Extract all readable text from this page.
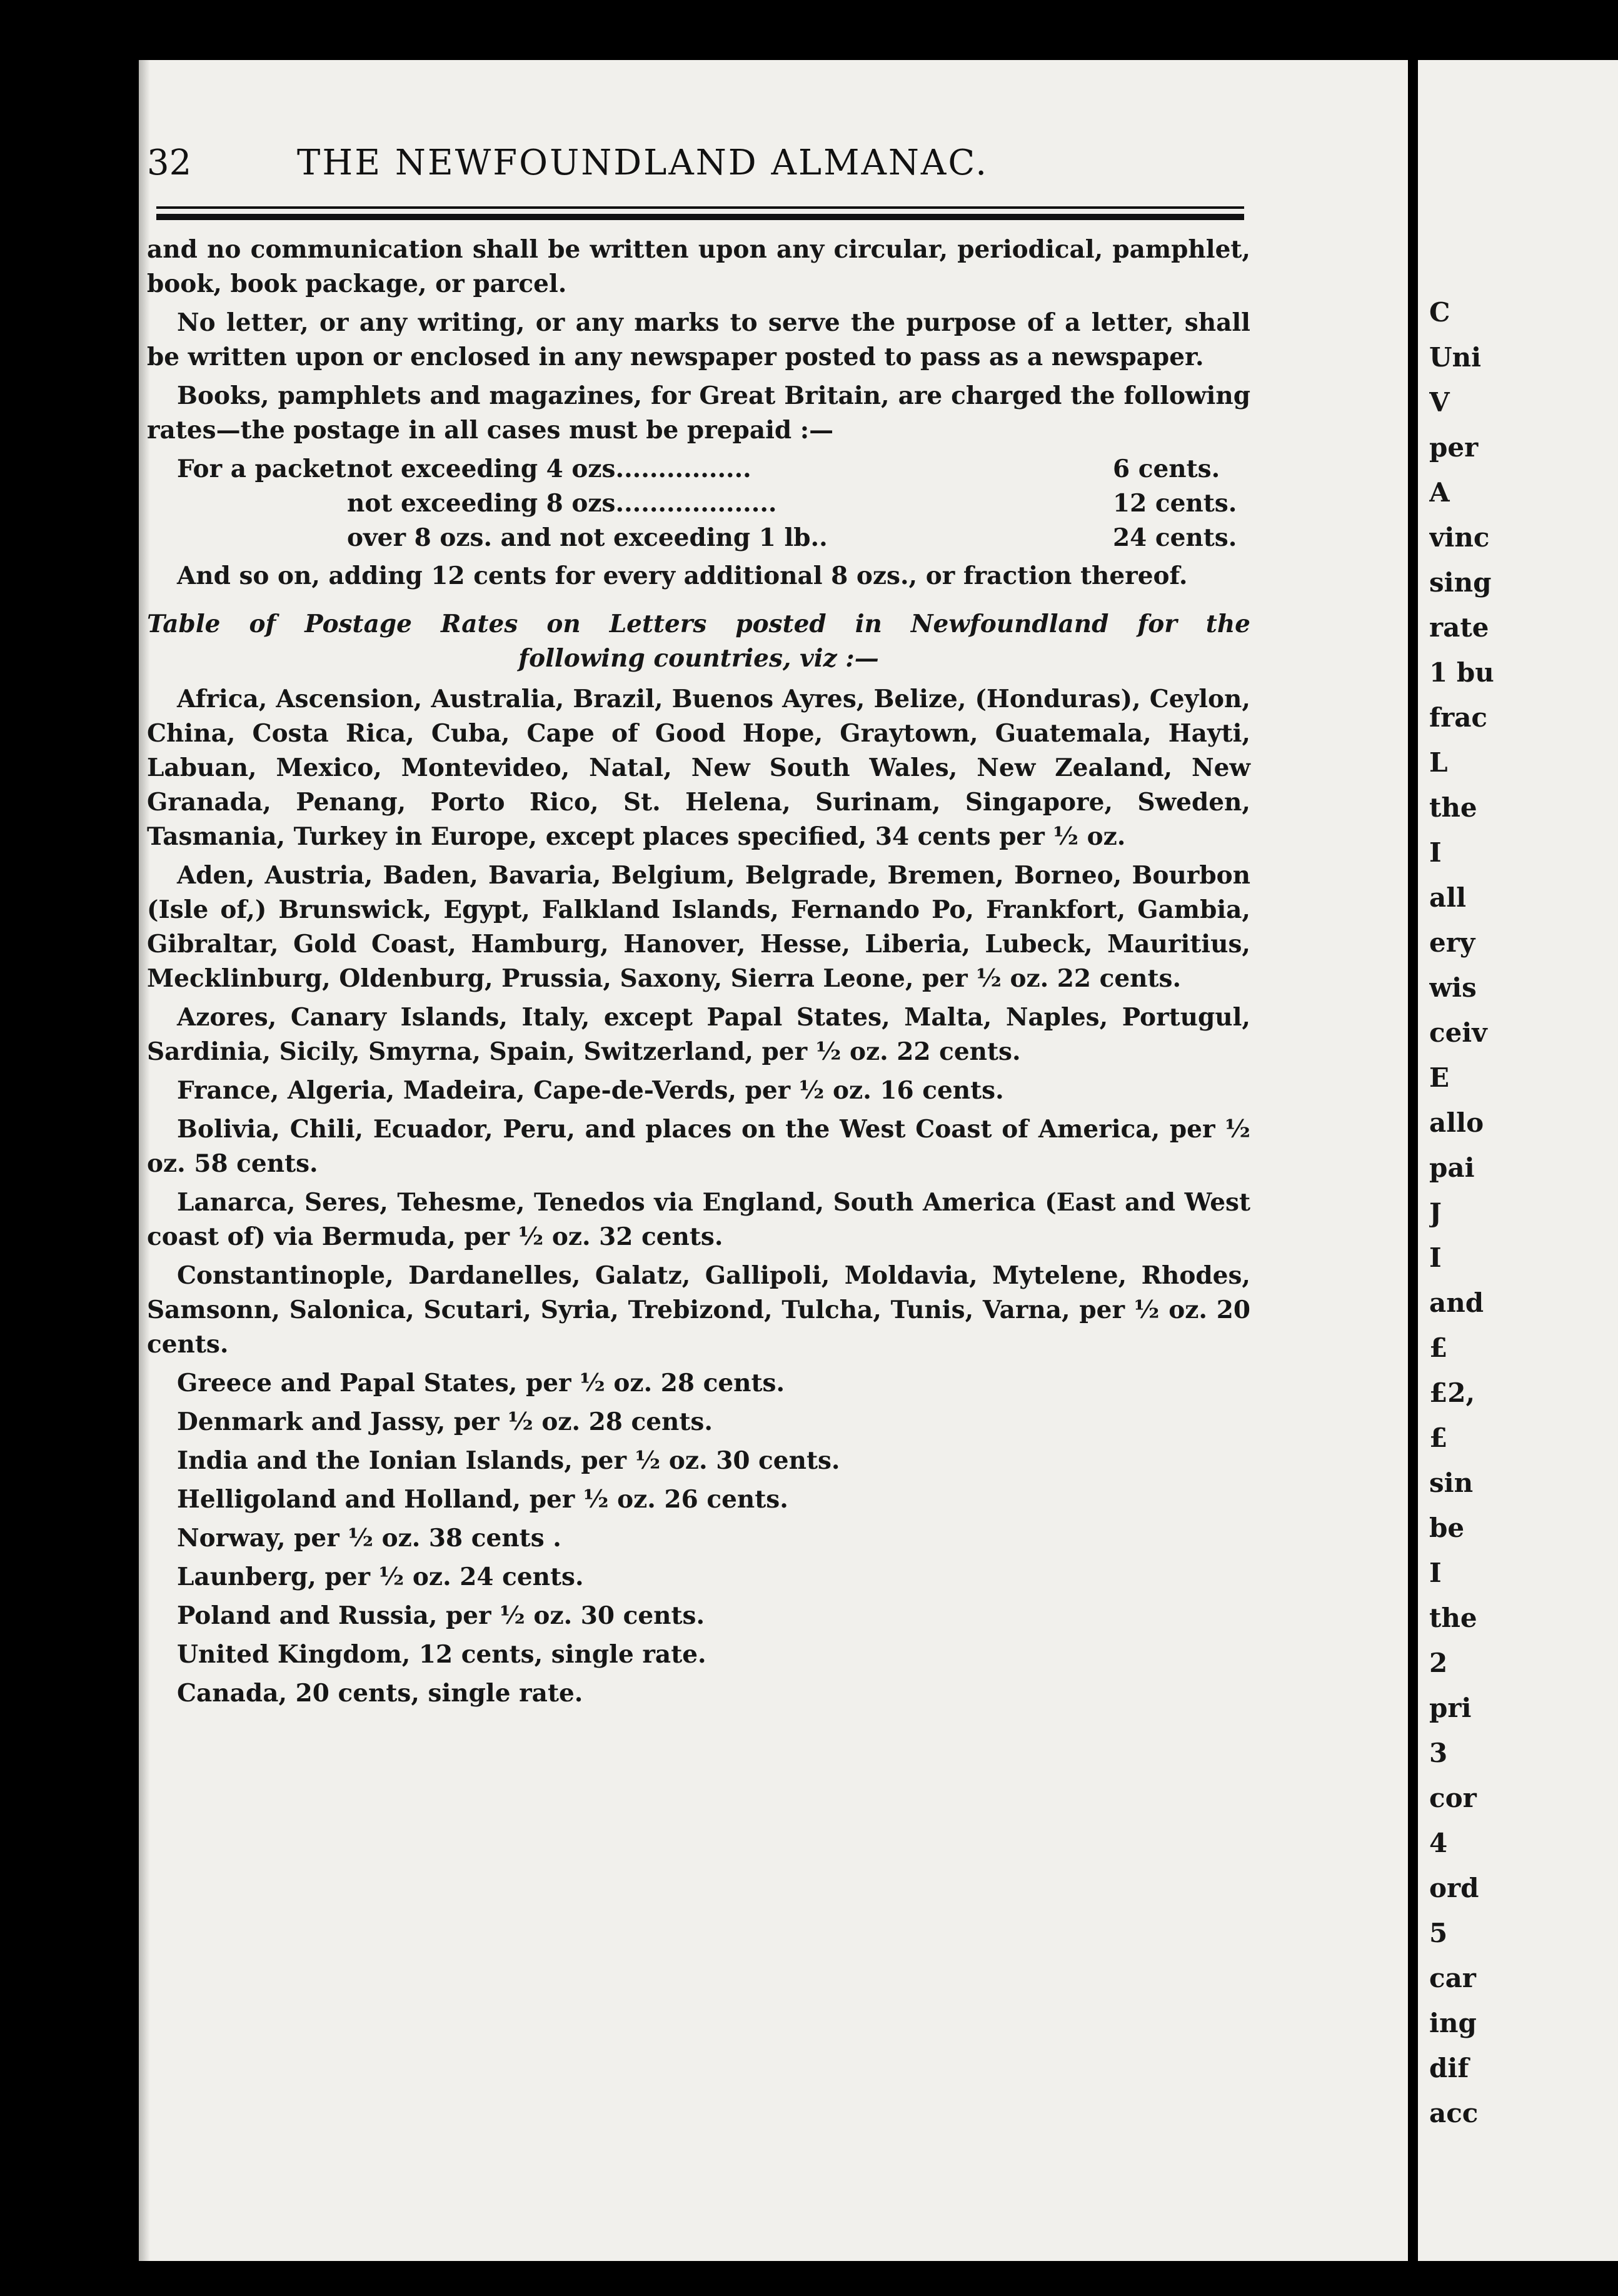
C
Uni
V
per
A
vinc
sing
rate
1 bu
frac
L
the
I
all
ery
wis
ceiv
E
allo
pai
J
I
and
£
£2,
£
sin
be
I
the
2
pri
3
cor
4
ord
5
car
ing
dif
acc
32	THE NEWFOUNDLAND ALMANAC.

and no communication shall be written upon any circular, periodical, pamphlet, book, book package, or parcel.

No letter, or any writing, or any marks to serve the purpose of a letter, shall be written upon or enclosed in any newspaper posted to pass as a newspaper.

Books, pamphlets and magazines, for Great Britain, are charged the following rates—the postage in all cases must be prepaid :—

For a packet not exceeding 4 ozs................	6 cents.
not exceeding 8 ozs...................	12 cents.
over 8 ozs. and not exceeding 1 lb..	24 cents.

And so on, adding 12 cents for every additional 8 ozs., or fraction thereof.

Table of Postage Rates on Letters posted in Newfoundland for the
following countries, viz :—

Africa, Ascension, Australia, Brazil, Buenos Ayres, Belize, (Honduras), Ceylon, China, Costa Rica, Cuba, Cape of Good Hope, Graytown, Guatemala, Hayti, Labuan, Mexico, Montevideo, Natal, New South Wales, New Zealand, New Granada, Penang, Porto Rico, St. Helena, Surinam, Singapore, Sweden, Tasmania, Turkey in Europe, except places specified, 34 cents per ½ oz.

Aden, Austria, Baden, Bavaria, Belgium, Belgrade, Bremen, Borneo, Bourbon (Isle of,) Brunswick, Egypt, Falkland Islands, Fernando Po, Frankfort, Gambia, Gibraltar, Gold Coast, Hamburg, Hanover, Hesse, Liberia, Lubeck, Mauritius, Mecklinburg, Oldenburg, Prussia, Saxony, Sierra Leone, per ½ oz. 22 cents.

Azores, Canary Islands, Italy, except Papal States, Malta, Naples, Portugul, Sardinia, Sicily, Smyrna, Spain, Switzerland, per ½ oz. 22 cents.

France, Algeria, Madeira, Cape-de-Verds, per ½ oz. 16 cents.

Bolivia, Chili, Ecuador, Peru, and places on the West Coast of America, per ½ oz. 58 cents.

Lanarca, Seres, Tehesme, Tenedos via England, South America (East and West coast of) via Bermuda, per ½ oz. 32 cents.

Constantinople, Dardanelles, Galatz, Gallipoli, Moldavia, Mytelene, Rhodes, Samsonn, Salonica, Scutari, Syria, Trebizond, Tulcha, Tunis, Varna, per ½ oz. 20 cents.

Greece and Papal States, per ½ oz. 28 cents.

Denmark and Jassy, per ½ oz. 28 cents.

India and the Ionian Islands, per ½ oz. 30 cents.

Helligoland and Holland, per ½ oz. 26 cents.

Norway, per ½ oz. 38 cents .

Launberg, per ½ oz. 24 cents.

Poland and Russia, per ½ oz. 30 cents.

United Kingdom, 12 cents, single rate.

Canada, 20 cents, single rate.
